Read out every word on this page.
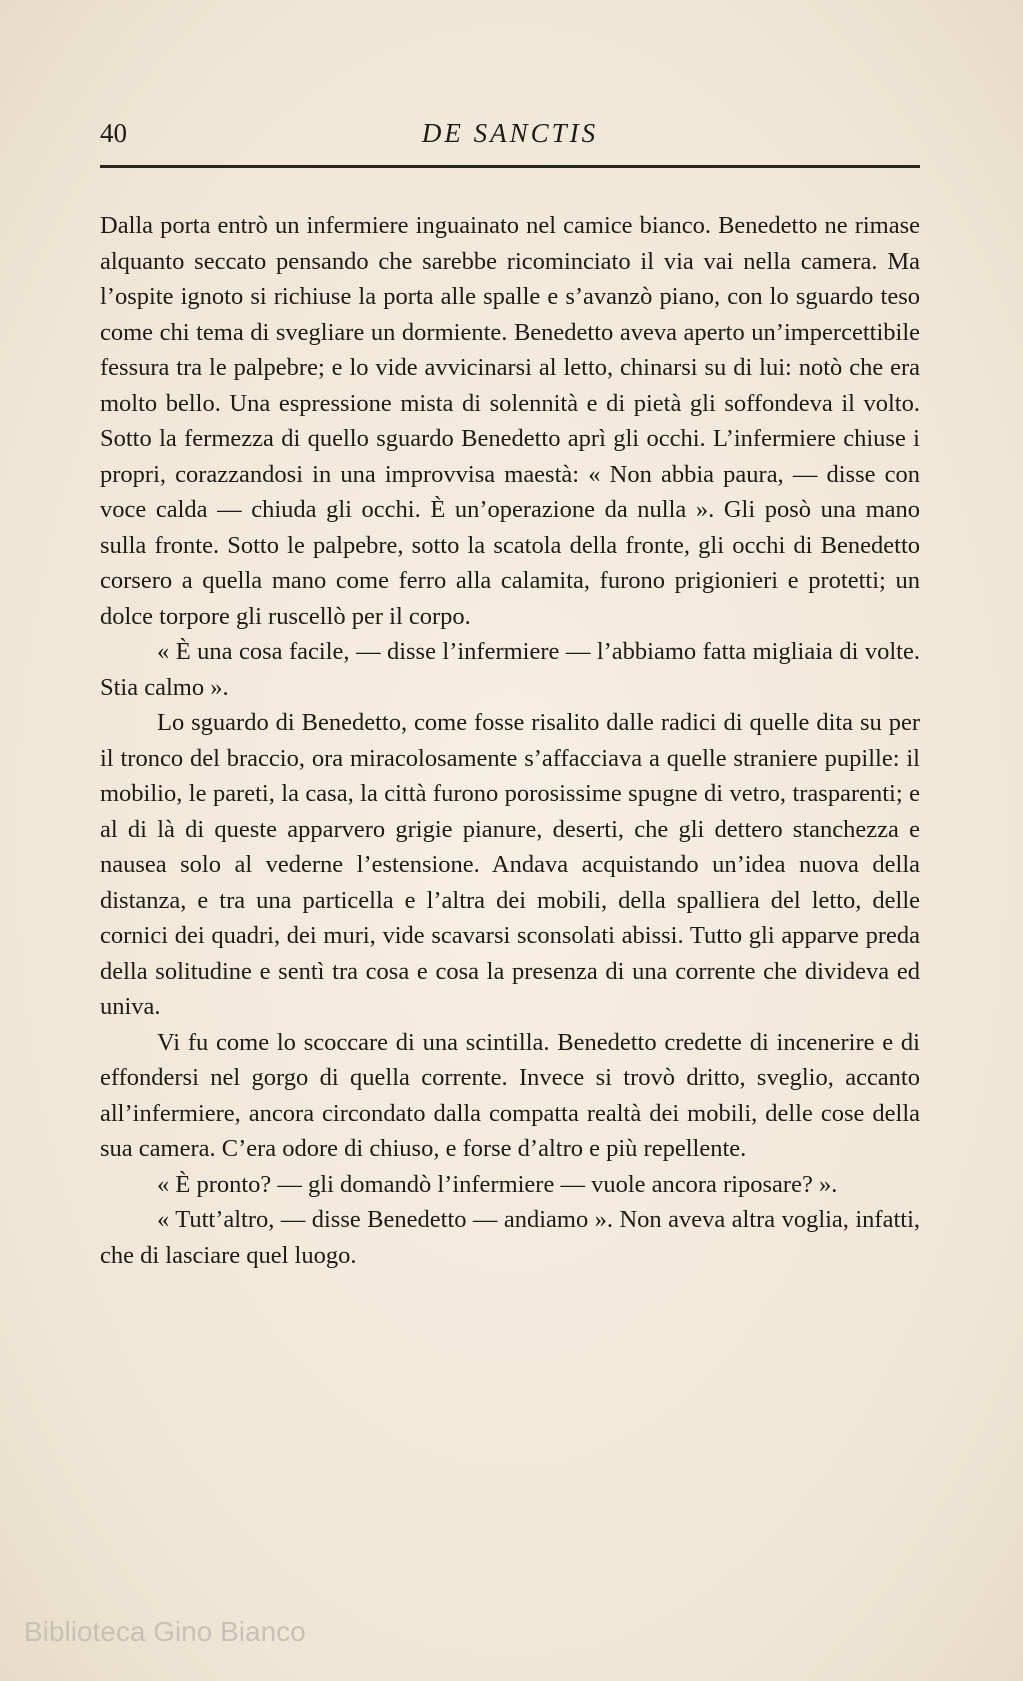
40	DE SANCTIS

Dalla porta entrò un infermiere inguainato nel camice bianco. Benedetto ne rimase alquanto seccato pensando che sarebbe ricominciato il via vai nella camera. Ma l’ospite ignoto si richiuse la porta alle spalle e s’avanzò piano, con lo sguardo teso come chi tema di svegliare un dormiente. Benedetto aveva aperto un’impercettibile fessura tra le palpebre; e lo vide avvicinarsi al letto, chinarsi su di lui: notò che era molto bello. Una espressione mista di solennità e di pietà gli soffondeva il volto. Sotto la fermezza di quello sguardo Benedetto aprì gli occhi. L’infermiere chiuse i propri, corazzandosi in una improvvisa maestà: « Non abbia paura, — disse con voce calda — chiuda gli occhi. È un’operazione da nulla ». Gli posò una mano sulla fronte. Sotto le palpebre, sotto la scatola della fronte, gli occhi di Benedetto corsero a quella mano come ferro alla calamita, furono prigionieri e protetti; un dolce torpore gli ruscellò per il corpo.

« È una cosa facile, — disse l’infermiere — l’abbiamo fatta migliaia di volte. Stia calmo ».

Lo sguardo di Benedetto, come fosse risalito dalle radici di quelle dita su per il tronco del braccio, ora miracolosamente s’affacciava a quelle straniere pupille: il mobilio, le pareti, la casa, la città furono porosissime spugne di vetro, trasparenti; e al di là di queste apparvero grigie pianure, deserti, che gli dettero stanchezza e nausea solo al vederne l’estensione. Andava acquistando un’idea nuova della distanza, e tra una particella e l’altra dei mobili, della spalliera del letto, delle cornici dei quadri, dei muri, vide scavarsi sconsolati abissi. Tutto gli apparve preda della solitudine e sentì tra cosa e cosa la presenza di una corrente che divideva ed univa.

Vi fu come lo scoccare di una scintilla. Benedetto credette di incenerire e di effondersi nel gorgo di quella corrente. Invece si trovò dritto, sveglio, accanto all’infermiere, ancora circondato dalla compatta realtà dei mobili, delle cose della sua camera. C’era odore di chiuso, e forse d’altro e più repellente.

« È pronto? — gli domandò l’infermiere — vuole ancora riposare? ».

« Tutt’altro, — disse Benedetto — andiamo ». Non aveva altra voglia, infatti, che di lasciare quel luogo.

Biblioteca Gino Bianco
